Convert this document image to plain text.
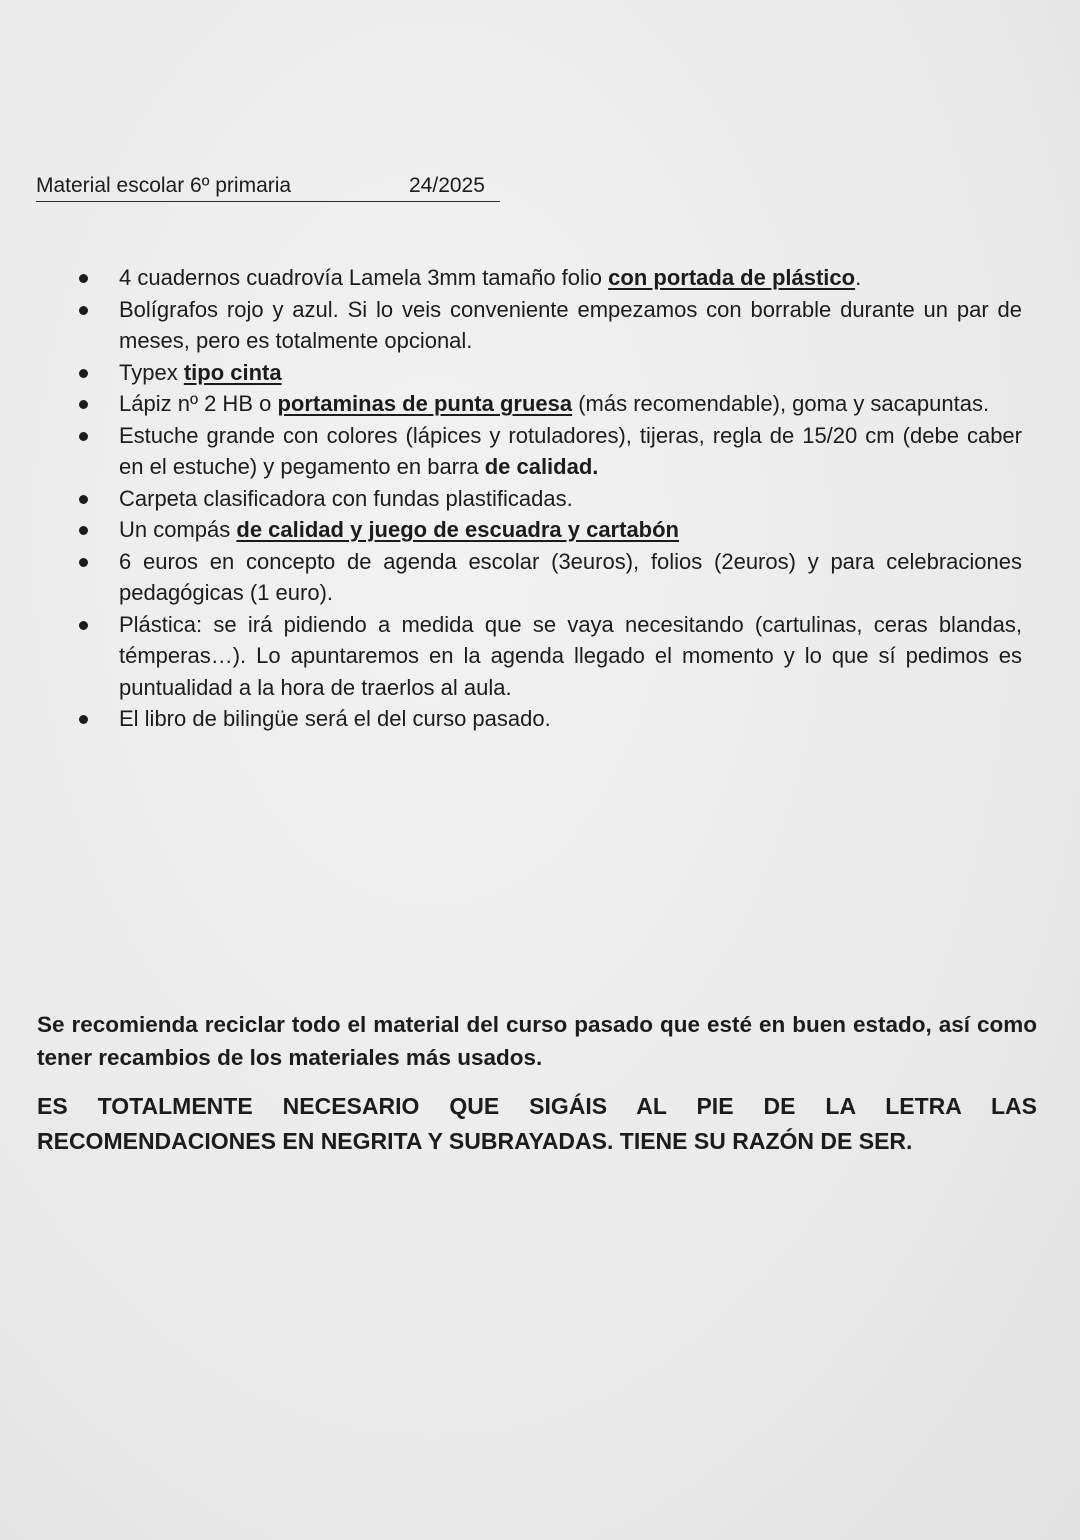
Material escolar 6º primaria	24/2025
4 cuadernos cuadrovía Lamela 3mm tamaño folio con portada de plástico.
Bolígrafos rojo y azul. Si lo veis conveniente empezamos con borrable durante un par de meses, pero es totalmente opcional.
Typex tipo cinta
Lápiz nº 2 HB o portaminas de punta gruesa (más recomendable), goma y sacapuntas.
Estuche grande con colores (lápices y rotuladores), tijeras, regla de 15/20 cm (debe caber en el estuche) y pegamento en barra de calidad.
Carpeta clasificadora con fundas plastificadas.
Un compás de calidad y juego de escuadra y cartabón
6 euros en concepto de agenda escolar (3euros), folios (2euros) y para celebraciones pedagógicas (1 euro).
Plástica: se irá pidiendo a medida que se vaya necesitando (cartulinas, ceras blandas, témperas…). Lo apuntaremos en la agenda llegado el momento y lo que sí pedimos es puntualidad a la hora de traerlos al aula.
El libro de bilingüe será el del curso pasado.

Se recomienda reciclar todo el material del curso pasado que esté en buen estado, así como tener recambios de los materiales más usados.

ES TOTALMENTE NECESARIO QUE SIGÁIS AL PIE DE LA LETRA LAS RECOMENDACIONES EN NEGRITA Y SUBRAYADAS. TIENE SU RAZÓN DE SER.
